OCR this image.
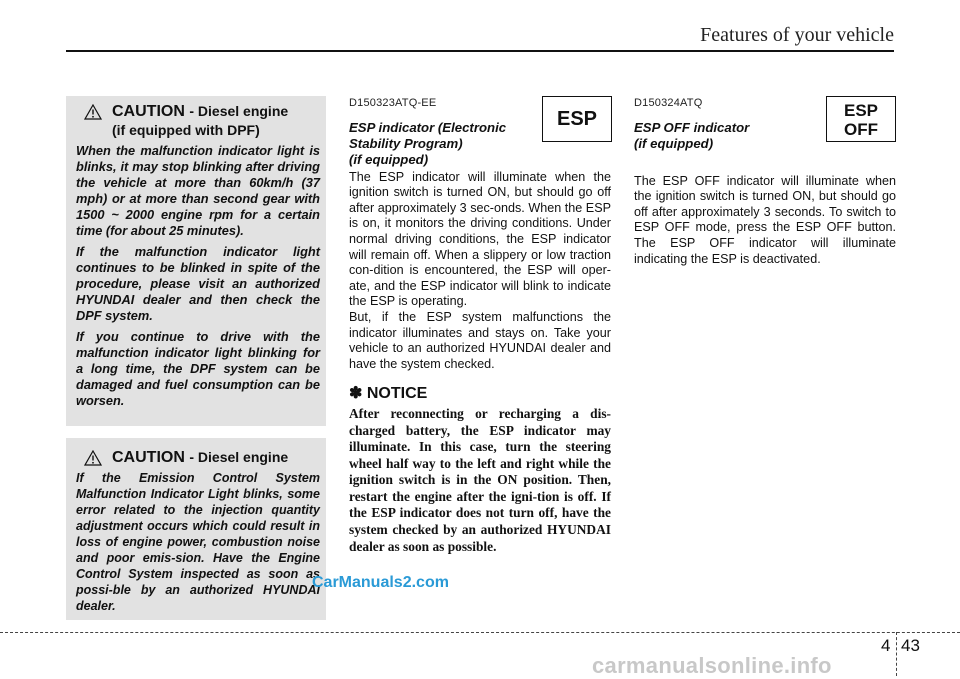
Features of your vehicle
CAUTION - Diesel engine
(if equipped with DPF)

When the malfunction indicator light is blinks, it may stop blinking after driving the vehicle at more than 60km/h (37 mph) or at more than second gear with 1500 ~ 2000 engine rpm for a certain time (for about 25 minutes).

If the malfunction indicator light continues to be blinked in spite of the procedure, please visit an authorized HYUNDAI dealer and then check the DPF system.

If you continue to drive with the malfunction indicator light blinking for a long time, the DPF system can be damaged and fuel consumption can be worsen.

CAUTION - Diesel engine

If the Emission Control System Malfunction Indicator Light blinks, some error related to the injection quantity adjustment occurs which could result in loss of engine power, combustion noise and poor emis-sion. Have the Engine Control System inspected as soon as possi-ble by an authorized HYUNDAI dealer.

D150323ATQ-EE
ESP indicator (Electronic
Stability Program)
(if equipped)

The ESP indicator will illuminate when the ignition switch is turned ON, but should go off after approximately 3 sec-onds. When the ESP is on, it monitors the driving conditions. Under normal driving conditions, the ESP indicator will remain off. When a slippery or low traction con-dition is encountered, the ESP will oper-ate, and the ESP indicator will blink to indicate the ESP is operating.

But, if the ESP system malfunctions the indicator illuminates and stays on. Take your vehicle to an authorized HYUNDAI dealer and have the system checked.

✽ NOTICE
After reconnecting or recharging a dis-charged battery, the ESP indicator may illuminate. In this case, turn the steering wheel half way to the left and right while the ignition switch is in the ON position. Then, restart the engine after the igni-tion is off. If the ESP indicator does not turn off, have the system checked by an authorized HYUNDAI dealer as soon as possible.
ESP
D150324ATQ
ESP OFF indicator
(if equipped)

The ESP OFF indicator will illuminate when the ignition switch is turned ON, but should go off after approximately 3 seconds. To switch to ESP OFF mode, press the ESP OFF button. The ESP OFF indicator will illuminate indicating the ESP is deactivated.

ESP
OFF
CarManuals2.com
4 43
carmanualsonline.info
